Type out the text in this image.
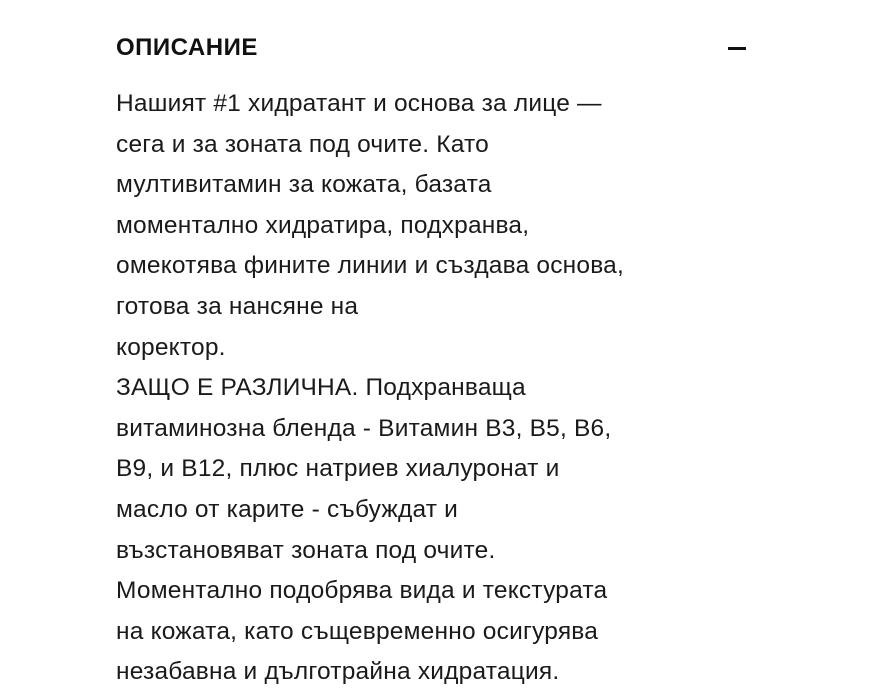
ОПИСАНИЕ
Нашият #1 хидратант и основа за лице —
сега и за зоната под очите. Като
мултивитамин за кожата, базата
моментално хидратира, подхранва,
омекотява фините линии и създава основа,
готова за нансяне на
коректор.
ЗАЩО Е РАЗЛИЧНА. Подхранваща
витаминозна бленда - Витамин B3, B5, B6,
B9, и B12, плюс натриев хиалуронат и
масло от карите - събуждат и
възстановяват зоната под очите.
Моментално подобрява вида и текстурата
на кожата, като същевременно осигурява
незабавна и дълготрайна хидратация.
